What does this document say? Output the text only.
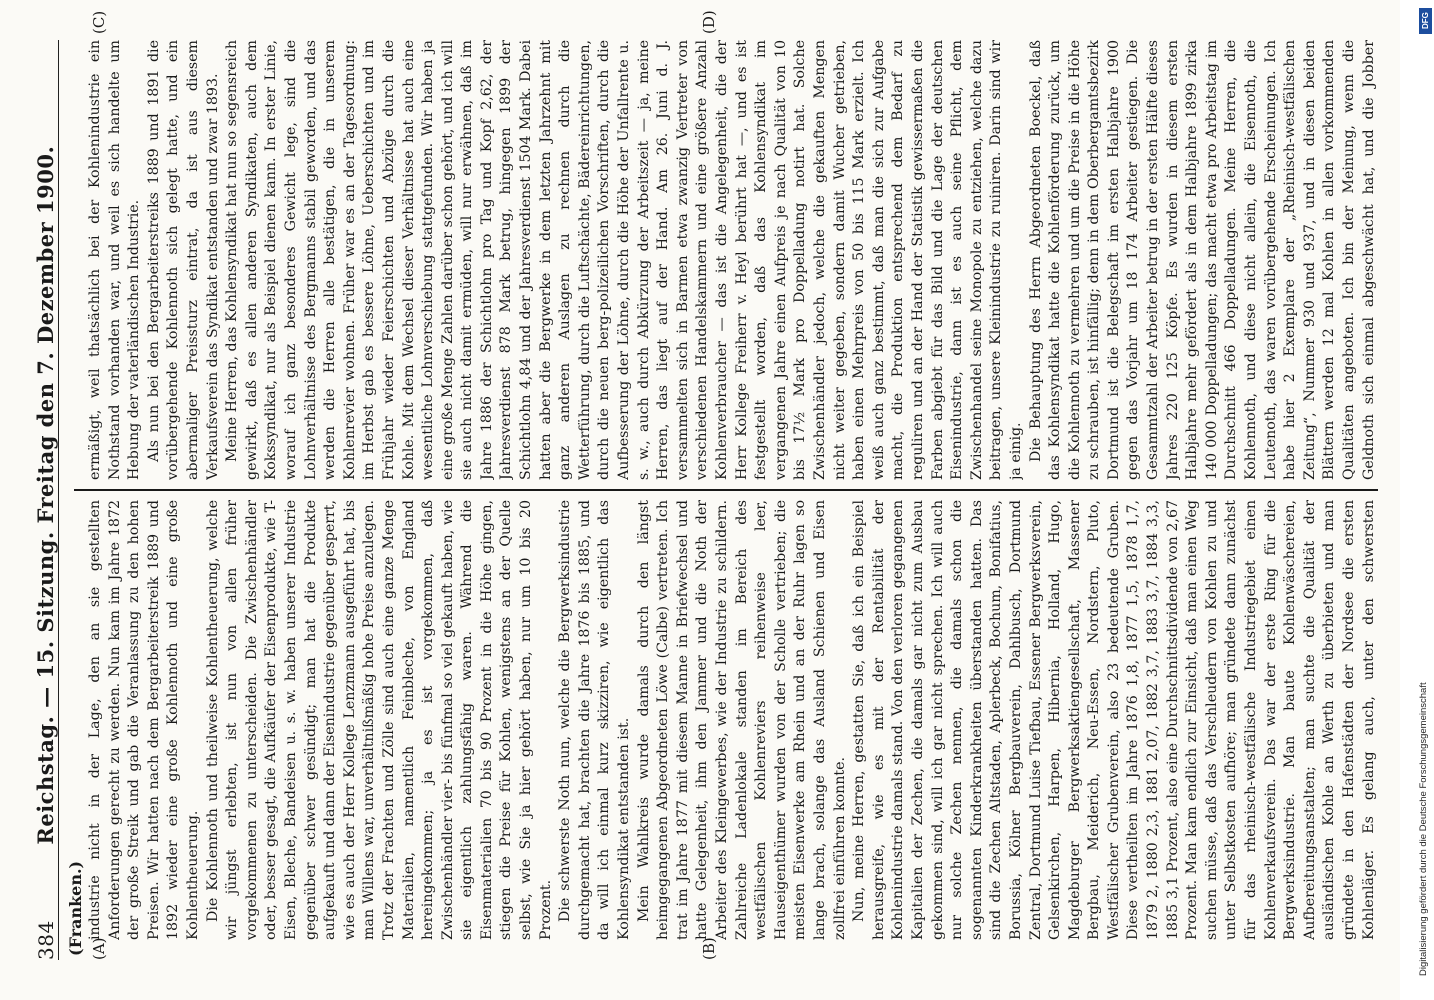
384
Reichstag. — 15. Sitzung. Freitag den 7. Dezember 1900.
(Franken.) (A)	(B)
(C)	(D)

industrie nicht in der Lage, den an sie gestellten Anforderungen gerecht zu werden. Nun kam im Jahre 1872 der große Streik und gab die Veranlassung zu den hohen Preisen. Wir hatten nach dem Bergarbeiterstreik 1889 und 1892 wieder eine große Kohlennoth und eine große Kohlentheuerung. Die Kohlennoth und theilweise Kohlentheuerung, welche wir jüngst erlebten, ist nun von allen früher vorgekommenen zu unterscheiden. Die Zwischenhändler oder, besser gesagt, die Aufkäufer der Eisenprodukte, wie T-Eisen, Bleche, Bandeisen u. s. w. haben unserer Industrie gegenüber schwer gesündigt; man hat die Produkte aufgekauft und dann der Eisenindustrie gegenüber gesperrt, wie es auch der Herr Kollege Lenzmann ausgeführt hat, bis man Willens war, unverhältnißmäßig hohe Preise anzulegen. Trotz der Frachten und Zölle sind auch eine ganze Menge Materialien, namentlich Feinbleche, von England hereingekommen; ja es ist vorgekommen, daß Zwischenhändler vier- bis fünfmal so viel gekauft haben, wie sie eigentlich zahlungsfähig waren. Während die Eisenmaterialien 70 bis 90 Prozent in die Höhe gingen, stiegen die Preise für Kohlen, wenigstens an der Quelle selbst, wie Sie ja hier gehört haben, nur um 10 bis 20 Prozent. Die schwerste Noth nun, welche die Bergwerksindustrie durchgemacht hat, brachten die Jahre 1876 bis 1885, und da will ich einmal kurz skizziren, wie eigentlich das Kohlensyndikat entstanden ist. Mein Wahlkreis wurde damals durch den längst heimgegangenen Abgeordneten Löwe (Calbe) vertreten. Ich trat im Jahre 1877 mit diesem Manne in Briefwechsel und hatte Gelegenheit, ihm den Jammer und die Noth der Arbeiter des Kleingewerbes, wie der Industrie zu schildern. Zahlreiche Ladenlokale standen im Bereich des westfälischen Kohlenreviers reihenweise leer, Hauseigenthümer wurden von der Scholle vertrieben; die meisten Eisenwerke am Rhein und an der Ruhr lagen so lange brach, solange das Ausland Schienen und Eisen zollfrei einführen konnte. Nun, meine Herren, gestatten Sie, daß ich ein Beispiel herausgreife, wie es mit der Rentabilität der Kohlenindustrie damals stand. Von den verloren gegangenen Kapitalien der Zechen, die damals gar nicht zum Ausbau gekommen sind, will ich gar nicht sprechen. Ich will auch nur solche Zechen nennen, die damals schon die sogenannten Kinderkrankheiten überstanden hatten. Das sind die Zechen Altstaden, Aplerbeck, Bochum, Bonifatius, Borussia, Kölner Bergbauverein, Dahlbusch, Dortmund Zentral, Dortmund Luise Tiefbau, Essener Bergwerksverein, Gelsenkirchen, Harpen, Hibernia, Holland, Hugo, Magdeburger Bergwerksaktiengesellschaft, Massener Bergbau, Meiderich, Neu-Essen, Nordstern, Pluto, Westfälischer Grubenverein, also 23 bedeutende Gruben. Diese vertheilten im Jahre 1876 1,8, 1877 1,5, 1878 1,7, 1879 2, 1880 2,3, 1881 2,07, 1882 3,7, 1883 3,7, 1884 3,3, 1885 3,1 Prozent, also eine Durchschnittsdividende von 2,67 Prozent. Man kam endlich zur Einsicht, daß man einen Weg suchen müsse, daß das Verschleudern von Kohlen zu und unter Selbstkosten aufhöre; man gründete dann zunächst für das rheinisch-westfälische Industriegebiet einen Kohlenverkaufsverein. Das war der erste Ring für die Bergwerksindustrie. Man baute Kohlenwäschereien, Aufbereitungsanstalten; man suchte die Qualität der ausländischen Kohle an Werth zu überbieten und man gründete in den Hafenstädten der Nordsee die ersten Kohlenläger. Es gelang auch, unter den schwersten

ermäßigt, weil thatsächlich bei der Kohlenindustrie ein Nothstand vorhanden war, und weil es sich handelte um Hebung der vaterländischen Industrie. Als nun bei den Bergarbeiterstreiks 1889 und 1891 die vorübergehende Kohlennoth sich gelegt hatte, und ein abermaliger Preissturz eintrat, da ist aus diesem Verkaufsverein das Syndikat entstanden und zwar 1893. Meine Herren, das Kohlensyndikat hat nun so segensreich gewirkt, daß es allen anderen Syndikaten, auch dem Kokssyndikat, nur als Beispiel dienen kann. In erster Linie, worauf ich ganz besonderes Gewicht lege, sind die Lohnverhältnisse des Bergmanns stabil geworden, und das werden die Herren alle bestätigen, die in unserem Kohlenrevier wohnen. Früher war es an der Tagesordnung: im Herbst gab es bessere Löhne, Ueberschichten und im Frühjahr wieder Feierschichten und Abzüge durch die Kohle. Mit dem Wechsel dieser Verhältnisse hat auch eine wesentliche Lohnverschiebung stattgefunden. Wir haben ja eine große Menge Zahlen darüber schon gehört, und ich will sie auch nicht damit ermüden, will nur erwähnen, daß im Jahre 1886 der Schichtlohn pro Tag und Kopf 2,62, der Jahresverdienst 878 Mark betrug, hingegen 1899 der Schichtlohn 4,84 und der Jahresverdienst 1504 Mark. Dabei hatten aber die Bergwerke in dem letzten Jahrzehnt mit ganz anderen Auslagen zu rechnen durch die Wetterführung, durch die Luftschächte, Bädereinrichtungen, durch die neuen berg-polizeilichen Vorschriften, durch die Aufbesserung der Löhne, durch die Höhe der Unfallrente u. s. w., auch durch Abkürzung der Arbeitszeit — ja, meine Herren, das liegt auf der Hand. Am 26. Juni d. J. versammelten sich in Barmen etwa zwanzig Vertreter von verschiedenen Handelskammern und eine größere Anzahl Kohlenverbraucher — das ist die Angelegenheit, die der Herr Kollege Freiherr v. Heyl berührt hat —, und es ist festgestellt worden, daß das Kohlensyndikat im vergangenen Jahre einen Aufpreis je nach Qualität von 10 bis 17½ Mark pro Doppelladung notirt hat. Solche Zwischenhändler jedoch, welche die gekauften Mengen nicht weiter gegeben, sondern damit Wucher getrieben, haben einen Mehrpreis von 50 bis 115 Mark erzielt. Ich weiß auch ganz bestimmt, daß man die sich zur Aufgabe macht, die Produktion entsprechend dem Bedarf zu reguliren und an der Hand der Statistik gewissermaßen die Farben abgiebt für das Bild und die Lage der deutschen Eisenindustrie, dann ist es auch seine Pflicht, dem Zwischenhandel seine Monopole zu entziehen, welche dazu beitragen, unsere Kleinindustrie zu ruiniren. Darin sind wir ja einig. Die Behauptung des Herrn Abgeordneten Boeckel, daß das Kohlensyndikat hatte die Kohlenförderung zurück, um die Kohlennoth zu vermehren und um die Preise in die Höhe zu schrauben, ist hinfällig; denn in dem Oberbergamtsbezirk Dortmund ist die Belegschaft im ersten Halbjahre 1900 gegen das Vorjahr um 18 174 Arbeiter gestiegen. Die Gesammtzahl der Arbeiter betrug in der ersten Hälfte dieses Jahres 220 125 Köpfe. Es wurden in diesem ersten Halbjahre mehr gefördert als in dem Halbjahre 1899 zirka 140 000 Doppelladungen; das macht etwa pro Arbeitstag im Durchschnitt 466 Doppelladungen. Meine Herren, die Kohlennoth, und diese nicht allein, die Eisennoth, die Leutenoth, das waren vorübergehende Erscheinungen. Ich habe hier 2 Exemplare der „Rheinisch-westfälischen Zeitung“, Nummer 930 und 937, und in diesen beiden Blättern werden 12 mal Kohlen in allen vorkommenden Qualitäten angeboten. Ich bin der Meinung, wenn die Geldnoth sich einmal abgeschwächt hat, und die Jobber

DFG
Digitalisierung gefördert durch die Deutsche Forschungsgemeinschaft
